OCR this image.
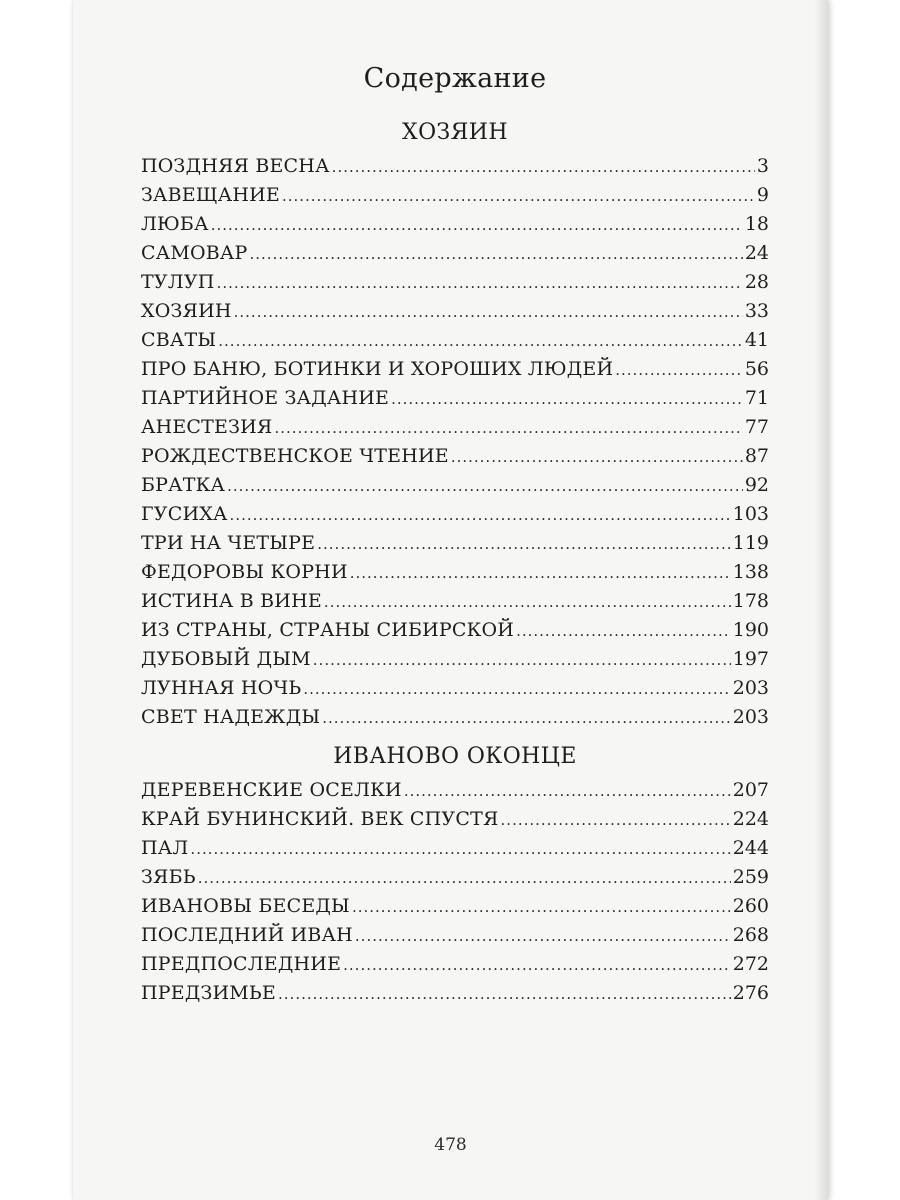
Содержание
ХОЗЯИН
ПОЗДНЯЯ ВЕСНА .....	3
ЗАВЕЩАНИЕ .....	9
ЛЮБА .....	18
САМОВАР .....	24
ТУЛУП .....	28
ХОЗЯИН .....	33
СВАТЫ .....	41
ПРО БАНЮ, БОТИНКИ И ХОРОШИХ ЛЮДЕЙ .....	56
ПАРТИЙНОЕ ЗАДАНИЕ .....	71
АНЕСТЕЗИЯ .....	77
РОЖДЕСТВЕНСКОЕ ЧТЕНИЕ .....	87
БРАТКА .....	92
ГУСИХА .....	103
ТРИ НА ЧЕТЫРЕ .....	119
ФЕДОРОВЫ КОРНИ .....	138
ИСТИНА В ВИНЕ .....	178
ИЗ СТРАНЫ, СТРАНЫ СИБИРСКОЙ .....	190
ДУБОВЫЙ ДЫМ .....	197
ЛУННАЯ НОЧЬ .....	203
СВЕТ НАДЕЖДЫ .....	203
ИВАНОВО ОКОНЦЕ
ДЕРЕВЕНСКИЕ ОСЕЛКИ .....	207
КРАЙ БУНИНСКИЙ. ВЕК СПУСТЯ .....	224
ПАЛ .....	244
ЗЯБЬ .....	259
ИВАНОВЫ БЕСЕДЫ .....	260
ПОСЛЕДНИЙ ИВАН .....	268
ПРЕДПОСЛЕДНИЕ .....	272
ПРЕДЗИМЬЕ .....	276
478
